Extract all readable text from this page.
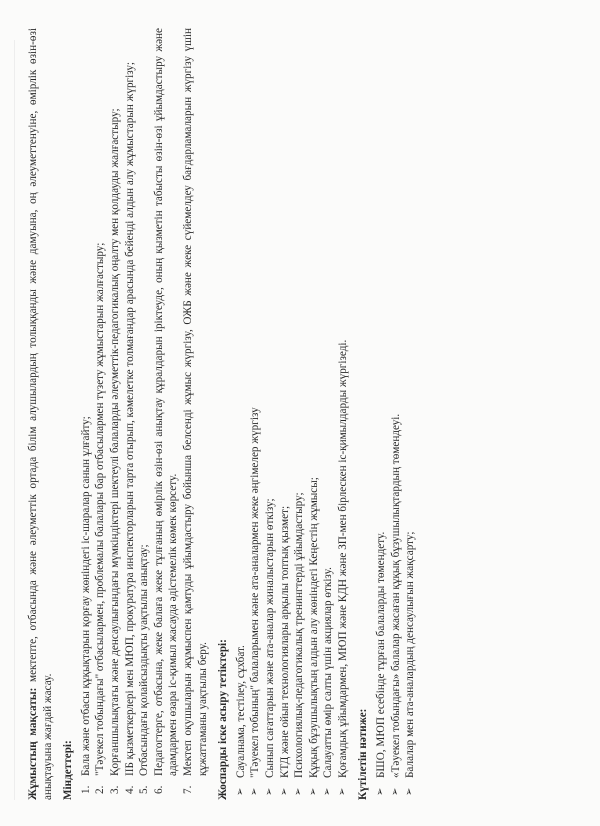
Жұмыстың мақсаты: мектепте, отбасында және әлеуметтік ортада білім алушылардың толыққанды және дамуына, оң әлеуметтенуіне, өмірлік өзін-өзі анықтауына жағдай жасау. Міндеттері: 1.
Бала және отбасы құқықтарын қорғау жөніндегі іс-шаралар санын ұлғайту;
2.
"Тәуекел тобындағы" отбасылармен, проблемалы балалары бар отбасылармен түзету жұмыстарын жалғастыру;
3.
Қорғаншылықтағы және денсаулығындағы мүмкіндіктері шектеулі балаларды әлеуметтік-педагогикалық оңалту мен қолдауды жалғастыру;
4.
ІІБ қызметкерлері мен МЮП, прокуратура инспекторларын тарта отырып, кәмелетке толмағандар арасында бейенді алдын алу жұмыстарын жүргізу;
5.
Отбасындағы қолайсыздықты уақтылы анықтау;
6.
Педагогтерге, отбасына, жеке балаға жеке тұлғаның өмірлік өзін-өзі анықтау құралдарын іріктеуде, оның қызметін табысты өзін-өзі ұйымдастыру және адамдармен өзара іс-қимыл жасауда әдістемелік көмек көрсету.
7.
Мектеп оқушыларын жұмыспен қамтуды ұйымдастыру бойынша белсенді жұмыс жүргізу, ОЖБ және жеке сүйемелдеу бағдарламаларын жүргізу үшін құжаттаманы уақтылы беру. Жоспарды іске асыру тетіктері: ➢
Сауалнама, тестілеу, сұхбат.
➢
"Тәуекел тобының" балаларымен және ата-аналармен жеке әңгімелер жүргізу
➢
Сынып сағаттарын және ата-аналар жиналыстарын өткізу;
➢
КТД және ойын технологиялары арқылы топтық қызмет;
➢
Психологиялық-педагогикалық тренингтерді ұйымдастыру;
➢
Құқық бұзушылықтың алдын алу жөніндегі Кеңестің жұмысы;
➢
Салауатты өмір салты үшін акциялар өткізу.
➢
Қоғамдық ұйымдармен, МЮП және КДН және ЗП-мен бірлескен іс-қимылдарды жүргізеді. Күтілетін нәтиже: ➢
БШО, МЮП есебінде тұрған балаларды төмендету.
➢
«Тәуекел тобындағы» балалар жасаған құқық бұзушылықтардың төмендеуі.
➢
Балалар мен ата-аналардың денсаулығын жақсарту;
